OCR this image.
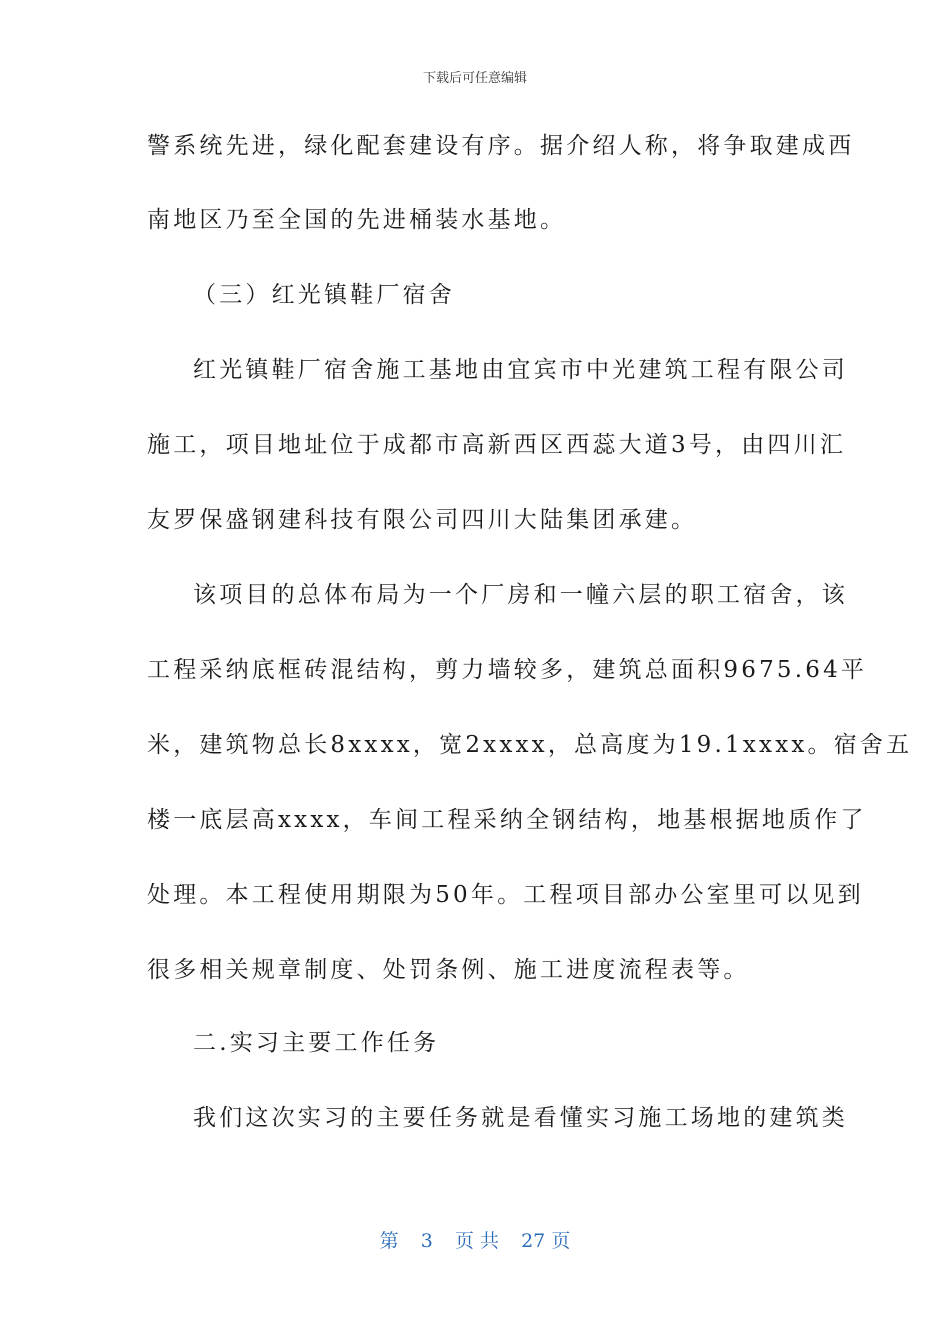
下载后可任意编辑
警系统先进，绿化配套建设有序。据介绍人称，将争取建成西
南地区乃至全国的先进桶装水基地。
（三）红光镇鞋厂宿舍
红光镇鞋厂宿舍施工基地由宜宾市中光建筑工程有限公司
施工，项目地址位于成都市高新西区西蕊大道3号，由四川汇
友罗保盛钢建科技有限公司四川大陆集团承建。
该项目的总体布局为一个厂房和一幢六层的职工宿舍，该
工程采纳底框砖混结构，剪力墙较多，建筑总面积9675.64平
米，建筑物总长8xxxx，宽2xxxx，总高度为19.1xxxx。宿舍五
楼一底层高xxxx，车间工程采纳全钢结构，地基根据地质作了
处理。本工程使用期限为50年。工程项目部办公室里可以见到
很多相关规章制度、处罚条例、施工进度流程表等。
二.实习主要工作任务
我们这次实习的主要任务就是看懂实习施工场地的建筑类
第 3 页 共 27 页
